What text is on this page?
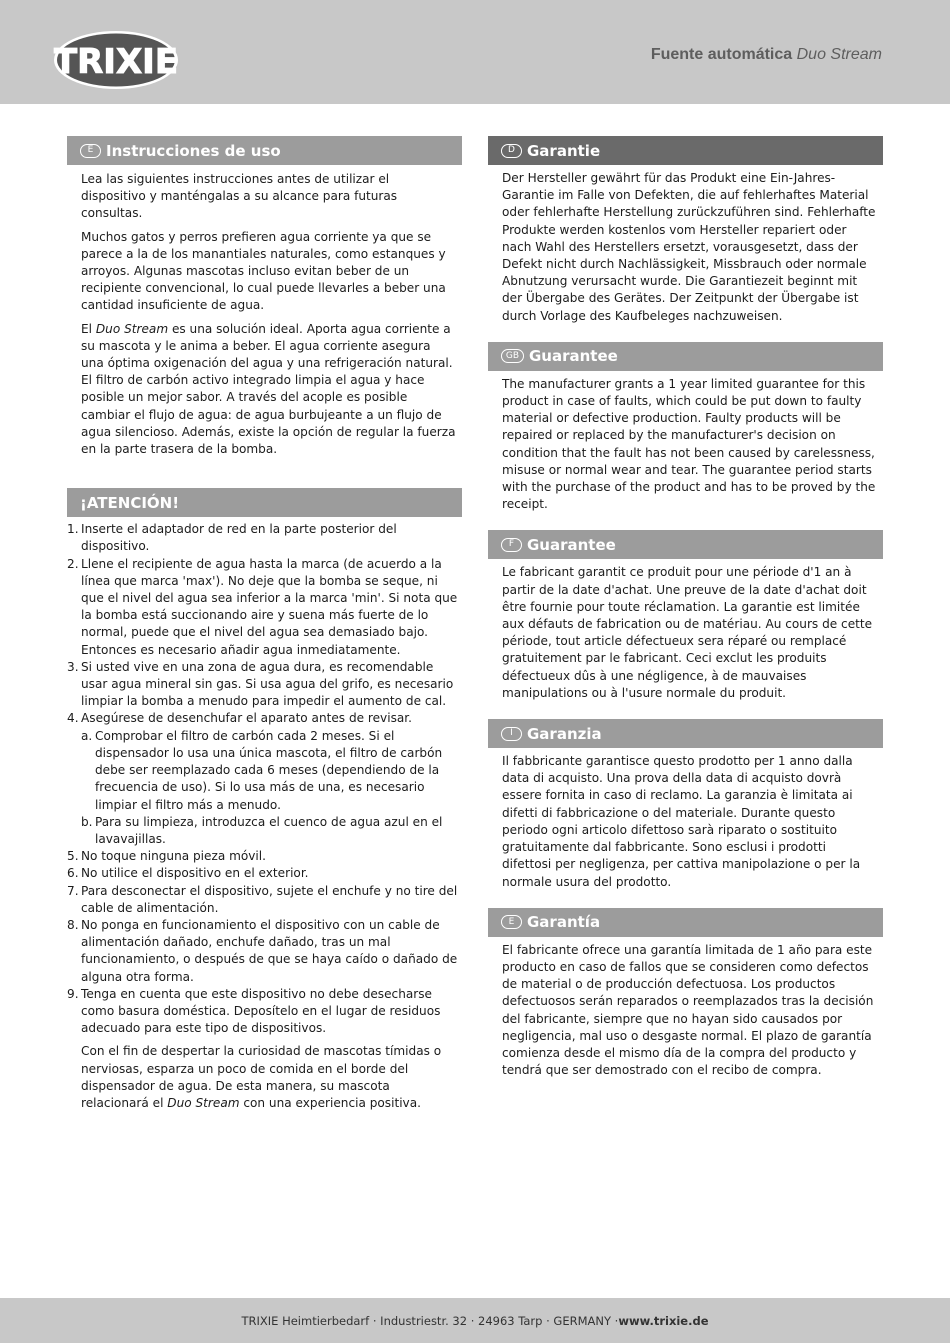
TRIXIE	Fuente automática Duo Stream
E Instrucciones de uso

Lea las siguientes instrucciones antes de utilizar el dispositivo y manténgalas a su alcance para futuras consultas.

Muchos gatos y perros prefieren agua corriente ya que se parece a la de los manantiales naturales, como estanques y arroyos. Algunas mascotas incluso evitan beber de un recipiente convencional, lo cual puede llevarles a beber una cantidad insuficiente de agua.

El Duo Stream es una solución ideal. Aporta agua corriente a su mascota y le anima a beber. El agua corriente asegura una óptima oxigenación del agua y una refrigeración natural. El filtro de carbón activo integrado limpia el agua y hace posible un mejor sabor. A través del acople es posible cambiar el flujo de agua: de agua burbujeante a un flujo de agua silencioso. Además, existe la opción de regular la fuerza en la parte trasera de la bomba.

¡ATENCIÓN!
1. Inserte el adaptador de red en la parte posterior del dispositivo.
2. Llene el recipiente de agua hasta la marca (de acuerdo a la línea que marca 'max'). No deje que la bomba se seque, ni que el nivel del agua sea inferior a la marca 'min'. Si nota que la bomba está succionando aire y suena más fuerte de lo normal, puede que el nivel del agua sea demasiado bajo. Entonces es necesario añadir agua inmediatamente.
3. Si usted vive en una zona de agua dura, es recomendable usar agua mineral sin gas. Si usa agua del grifo, es necesario limpiar la bomba a menudo para impedir el aumento de cal.
4. Asegúrese de desenchufar el aparato antes de revisar.
a. Comprobar el filtro de carbón cada 2 meses. Si el dispensador lo usa una única mascota, el filtro de carbón debe ser reemplazado cada 6 meses (dependiendo de la frecuencia de uso). Si lo usa más de una, es necesario limpiar el filtro más a menudo.
b. Para su limpieza, introduzca el cuenco de agua azul en el lavavajillas.
5. No toque ninguna pieza móvil.
6. No utilice el dispositivo en el exterior.
7. Para desconectar el dispositivo, sujete el enchufe y no tire del cable de alimentación.
8. No ponga en funcionamiento el dispositivo con un cable de alimentación dañado, enchufe dañado, tras un mal funcionamiento, o después de que se haya caído o dañado de alguna otra forma.
9. Tenga en cuenta que este dispositivo no debe desecharse como basura doméstica. Deposítelo en el lugar de residuos adecuado para este tipo de dispositivos.

Con el fin de despertar la curiosidad de mascotas tímidas o nerviosas, esparza un poco de comida en el borde del dispensador de agua. De esta manera, su mascota relacionará el Duo Stream con una experiencia positiva.

D Garantie

Der Hersteller gewährt für das Produkt eine Ein-Jahres-Garantie im Falle von Defekten, die auf fehlerhaftes Material oder fehlerhafte Herstellung zurückzuführen sind. Fehlerhafte Produkte werden kostenlos vom Hersteller repariert oder nach Wahl des Herstellers ersetzt, vorausgesetzt, dass der Defekt nicht durch Nachlässigkeit, Missbrauch oder normale Abnutzung verursacht wurde. Die Garantiezeit beginnt mit der Übergabe des Gerätes. Der Zeitpunkt der Übergabe ist durch Vorlage des Kaufbeleges nachzuweisen.

GB Guarantee

The manufacturer grants a 1 year limited guarantee for this product in case of faults, which could be put down to faulty material or defective production. Faulty products will be repaired or replaced by the manufacturer's decision on condition that the fault has not been caused by carelessness, misuse or normal wear and tear. The guarantee period starts with the purchase of the product and has to be proved by the receipt.

F Guarantee

Le fabricant garantit ce produit pour une période d'1 an à partir de la date d'achat. Une preuve de la date d'achat doit être fournie pour toute réclamation. La garantie est limitée aux défauts de fabrication ou de matériau. Au cours de cette période, tout article défectueux sera réparé ou remplacé gratuitement par le fabricant. Ceci exclut les produits défectueux dûs à une négligence, à de mauvaises manipulations ou à l'usure normale du produit.

I Garanzia

Il fabbricante garantisce questo prodotto per 1 anno dalla data di acquisto. Una prova della data di acquisto dovrà essere fornita in caso di reclamo. La garanzia è limitata ai difetti di fabbricazione o del materiale. Durante questo periodo ogni articolo difettoso sarà riparato o sostituito gratuitamente dal fabbricante. Sono esclusi i prodotti difettosi per negligenza, per cattiva manipolazione o per la normale usura del prodotto.

E Garantía

El fabricante ofrece una garantía limitada de 1 año para este producto en caso de fallos que se consideren como defectos de material o de producción defectuosa. Los productos defectuosos serán reparados o reemplazados tras la decisión del fabricante, siempre que no hayan sido causados por negligencia, mal uso o desgaste normal. El plazo de garantía comienza desde el mismo día de la compra del producto y tendrá que ser demostrado con el recibo de compra.

TRIXIE Heimtierbedarf · Industriestr. 32 · 24963 Tarp · GERMANY · www.trixie.de
